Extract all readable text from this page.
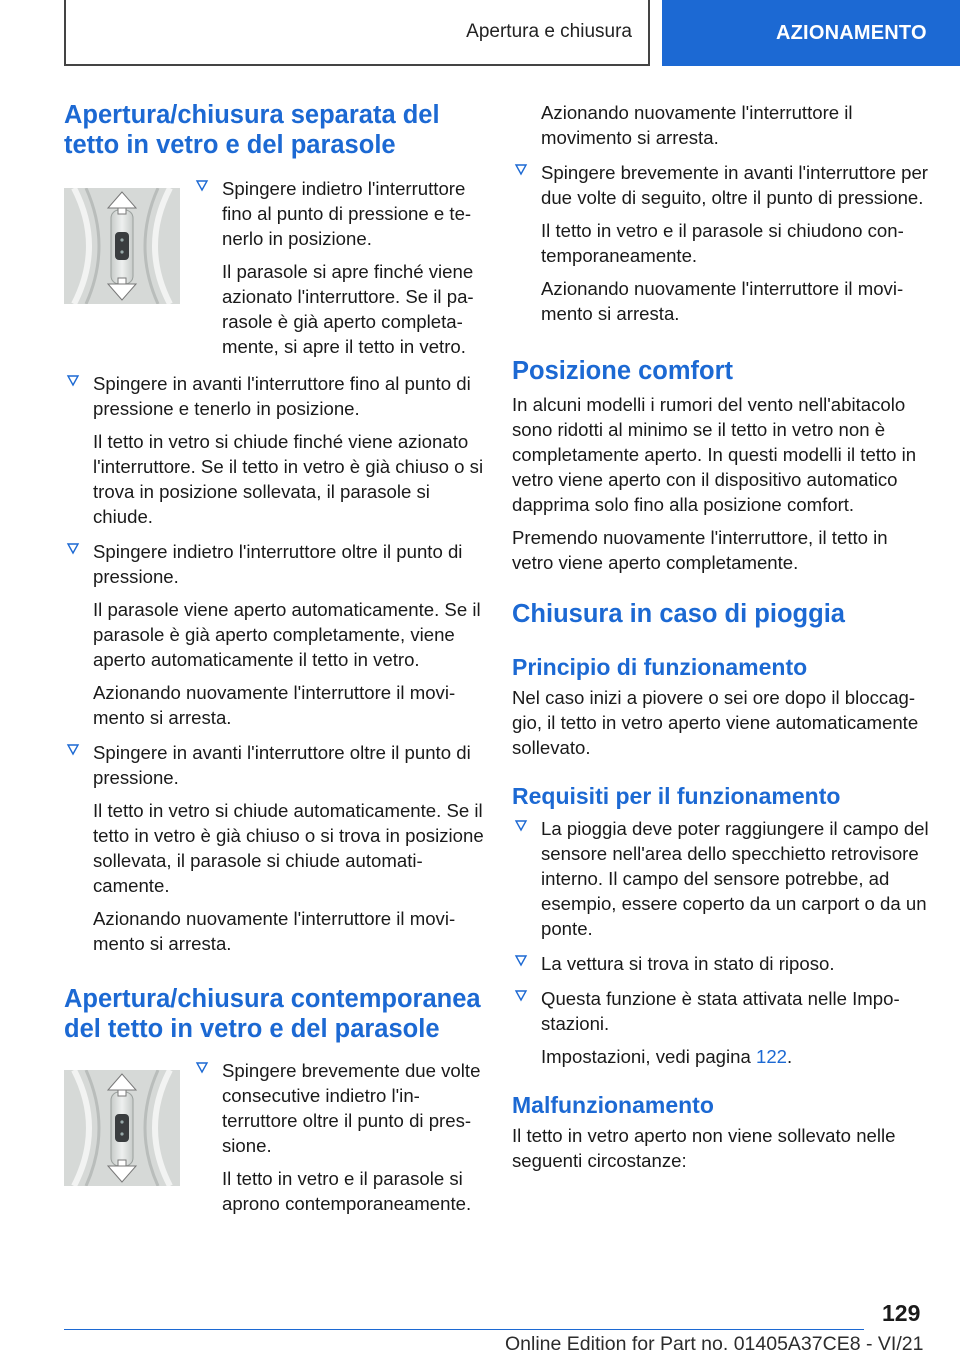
Apertura e chiusura	AZIONAMENTO
Apertura/chiusura separata del tetto in vetro e del parasole

Spingere indietro l'interruttore fino al punto di pressione e tenerlo in posizione.

Il parasole si apre finché viene azionato l'interruttore. Se il parasole è già aperto completamente, si apre il tetto in vetro.

Spingere in avanti l'interruttore fino al punto di pressione e tenerlo in posizione.

Il tetto in vetro si chiude finché viene azionato l'interruttore. Se il tetto in vetro è già chiuso o si trova in posizione sollevata, il parasole si chiude.

Spingere indietro l'interruttore oltre il punto di pressione.

Il parasole viene aperto automaticamente. Se il parasole è già aperto completamente, viene aperto automaticamente il tetto in vetro.

Azionando nuovamente l'interruttore il movimento si arresta.

Spingere in avanti l'interruttore oltre il punto di pressione.

Il tetto in vetro si chiude automaticamente. Se il tetto in vetro è già chiuso o si trova in posizione sollevata, il parasole si chiude automaticamente.

Azionando nuovamente l'interruttore il movimento si arresta.

Apertura/chiusura contemporanea del tetto in vetro e del parasole

Spingere brevemente due volte consecutive indietro l'interruttore oltre il punto di pressione.

Il tetto in vetro e il parasole si aprono contemporaneamente.

Azionando nuovamente l'interruttore il movimento si arresta.

Spingere brevemente in avanti l'interruttore per due volte di seguito, oltre il punto di pressione.

Il tetto in vetro e il parasole si chiudono contemporaneamente.

Azionando nuovamente l'interruttore il movimento si arresta.

Posizione comfort

In alcuni modelli i rumori del vento nell'abitacolo sono ridotti al minimo se il tetto in vetro non è completamente aperto. In questi modelli il tetto in vetro viene aperto con il dispositivo automatico dapprima solo fino alla posizione comfort.

Premendo nuovamente l'interruttore, il tetto in vetro viene aperto completamente.

Chiusura in caso di pioggia
Principio di funzionamento

Nel caso inizi a piovere o sei ore dopo il bloccaggio, il tetto in vetro aperto viene automaticamente sollevato.

Requisiti per il funzionamento

La pioggia deve poter raggiungere il campo del sensore nell'area dello specchietto retrovisore interno. Il campo del sensore potrebbe, ad esempio, essere coperto da un carport o da un ponte.

La vettura si trova in stato di riposo.

Questa funzione è stata attivata nelle Impostazioni.

Impostazioni, vedi pagina 122.

Malfunzionamento

Il tetto in vetro aperto non viene sollevato nelle seguenti circostanze:

129
Online Edition for Part no. 01405A37CE8 - VI/21
